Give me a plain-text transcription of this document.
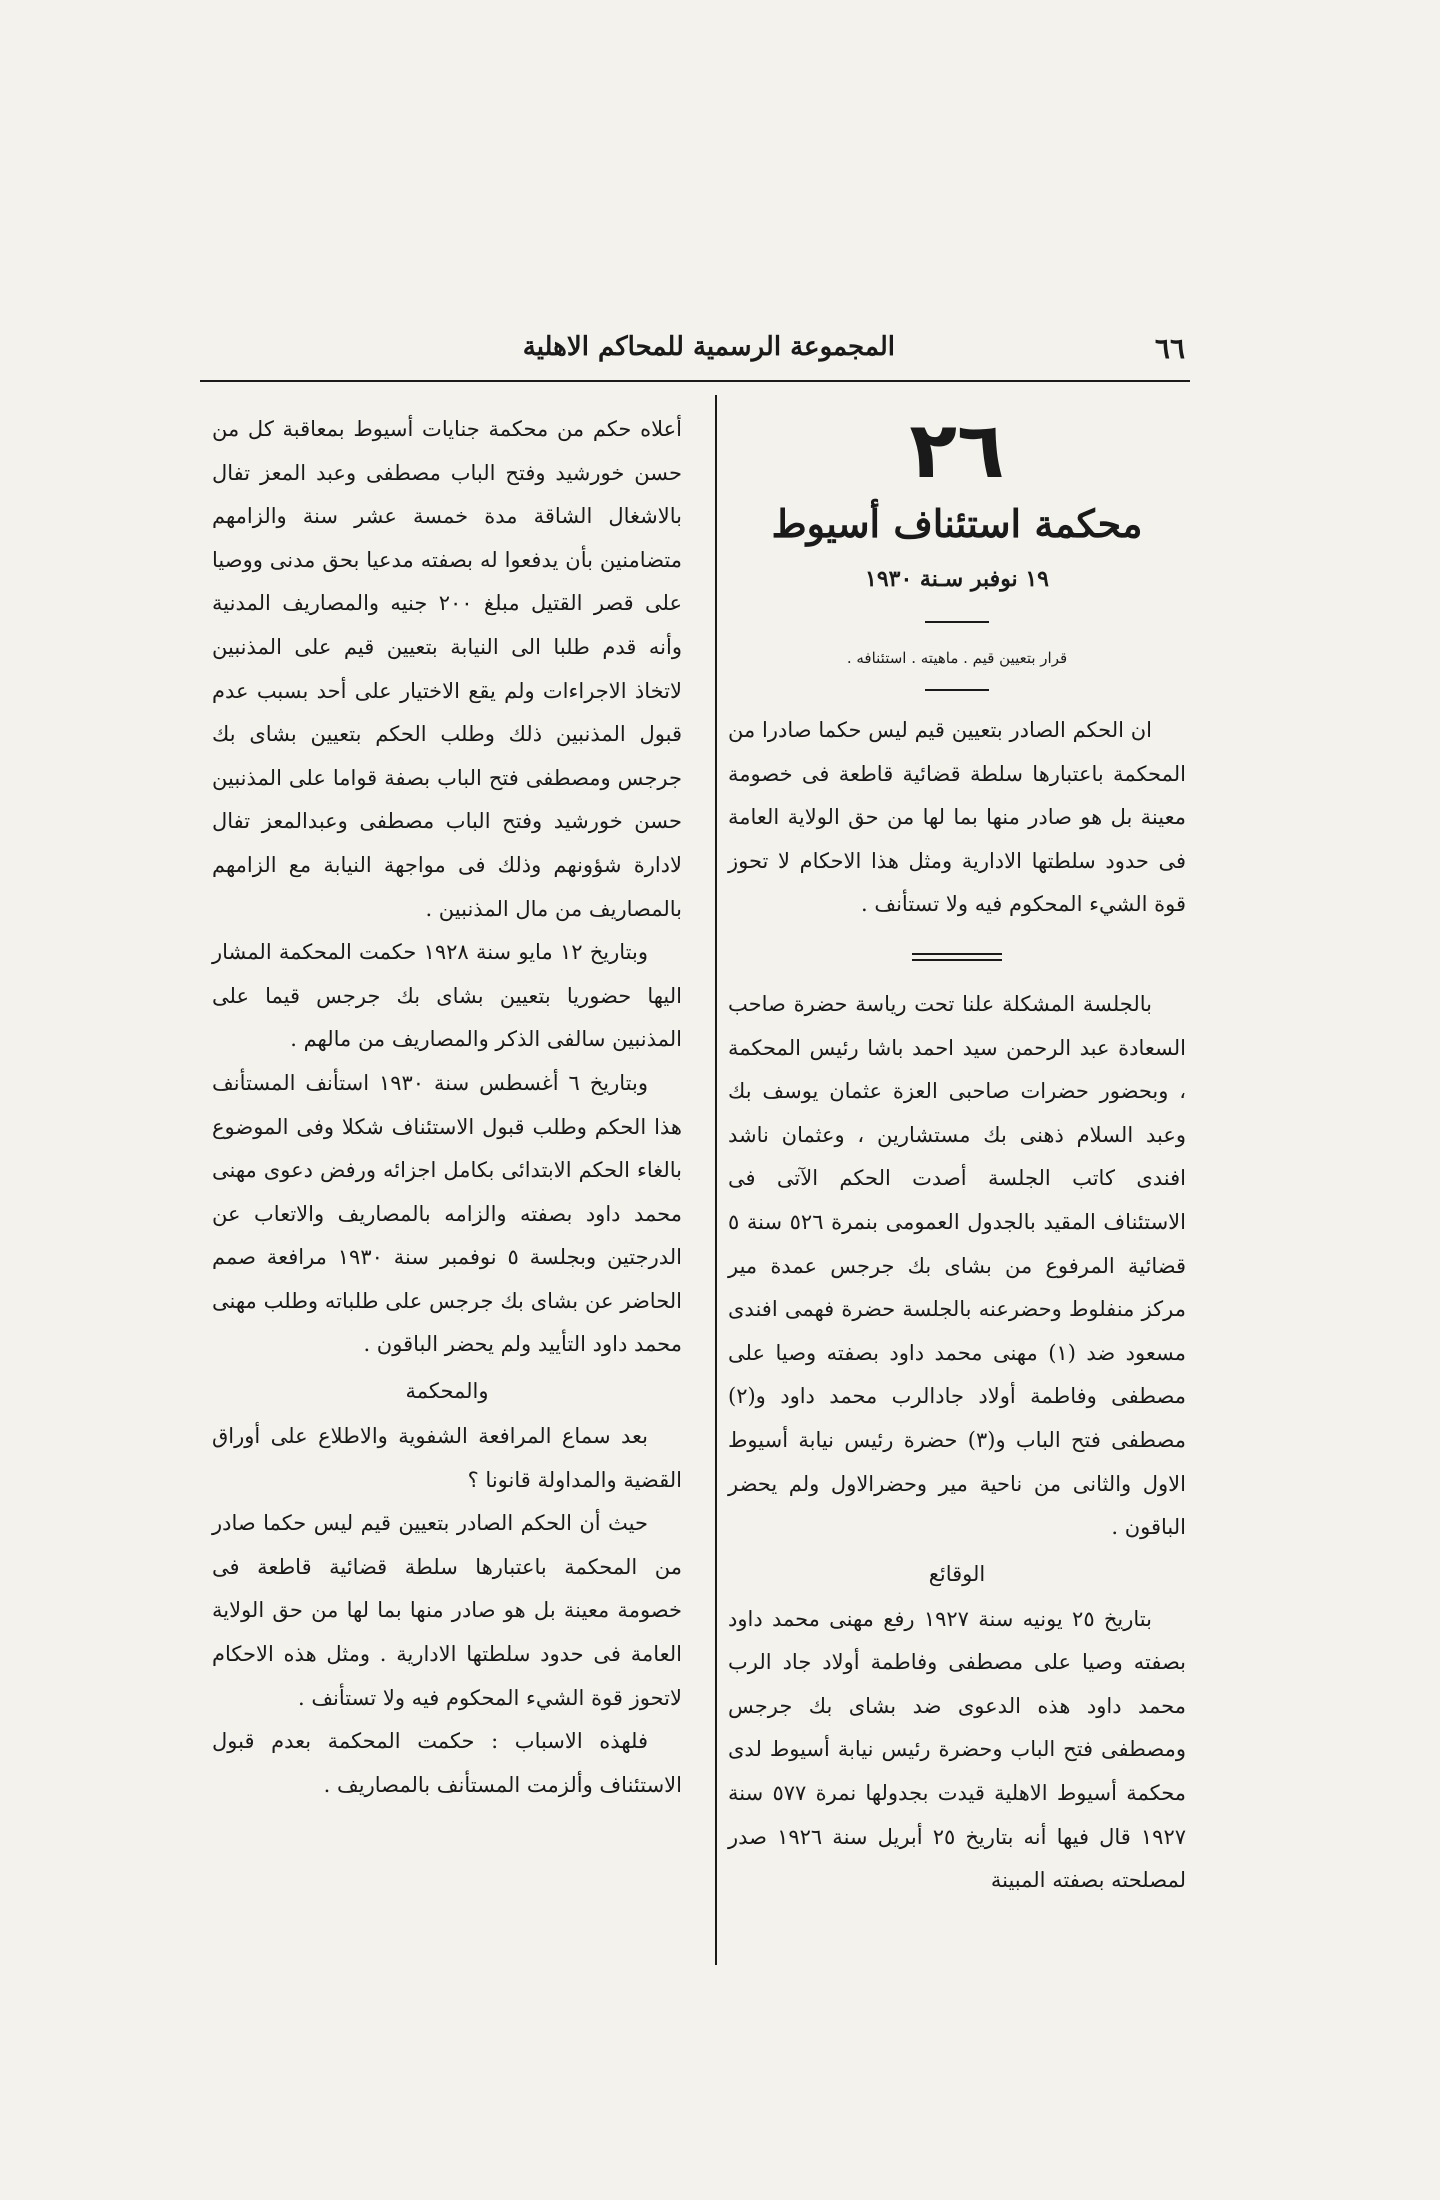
٦٦
المجموعة الرسمية للمحاكم الاهلية

٢٦

محكمة استئناف أسيوط

١٩ نوفبر سـنة ١٩٣٠

قرار بتعيين قيم . ماهيته . استئنافه .

ان الحكم الصادر بتعيين قيم ليس حكما صادرا من المحكمة باعتبارها سلطة قضائية قاطعة فى خصومة معينة بل هو صادر منها بما لها من حق الولاية العامة فى حدود سلطتها الادارية ومثل هذا الاحكام لا تحوز قوة الشيء المحكوم فيه ولا تستأنف .

بالجلسة المشكلة علنا تحت رياسة حضرة صاحب السعادة عبد الرحمن سيد احمد باشا رئيس المحكمة ، وبحضور حضرات صاحبى العزة عثمان يوسف بك وعبد السلام ذهنى بك مستشارين ، وعثمان ناشد افندى كاتب الجلسة أصدت الحكم الآتى فى الاستئناف المقيد بالجدول العمومى بنمرة ٥٢٦ سنة ٥ قضائية المرفوع من بشاى بك جرجس عمدة مير مركز منفلوط وحضرعنه بالجلسة حضرة فهمى افندى مسعود ضد (١) مهنى محمد داود بصفته وصيا على مصطفى وفاطمة أولاد جادالرب محمد داود و(٢) مصطفى فتح الباب و(٣) حضرة رئيس نيابة أسيوط الاول والثانى من ناحية مير وحضرالاول ولم يحضر الباقون .

الوقائع

بتاريخ ٢٥ يونيه سنة ١٩٢٧ رفع مهنى محمد داود بصفته وصيا على مصطفى وفاطمة أولاد جاد الرب محمد داود هذه الدعوى ضد بشاى بك جرجس ومصطفى فتح الباب وحضرة رئيس نيابة أسيوط لدى محكمة أسيوط الاهلية قيدت بجدولها نمرة ٥٧٧ سنة ١٩٢٧ قال فيها أنه بتاريخ ٢٥ أبريل سنة ١٩٢٦ صدر لمصلحته بصفته المبينة

أعلاه حكم من محكمة جنايات أسيوط بمعاقبة كل من حسن خورشيد وفتح الباب مصطفى وعبد المعز تفال بالاشغال الشاقة مدة خمسة عشر سنة والزامهم متضامنين بأن يدفعوا له بصفته مدعيا بحق مدنى ووصيا على قصر القتيل مبلغ ٢٠٠ جنيه والمصاريف المدنية وأنه قدم طلبا الى النيابة بتعيين قيم على المذنبين لاتخاذ الاجراءات ولم يقع الاختيار على أحد بسبب عدم قبول المذنبين ذلك وطلب الحكم بتعيين بشاى بك جرجس ومصطفى فتح الباب بصفة قواما على المذنبين حسن خورشيد وفتح الباب مصطفى وعبدالمعز تفال لادارة شؤونهم وذلك فى مواجهة النيابة مع الزامهم بالمصاريف من مال المذنبين .

وبتاريخ ١٢ مايو سنة ١٩٢٨ حكمت المحكمة المشار اليها حضوريا بتعيين بشاى بك جرجس قيما على المذنبين سالفى الذكر والمصاريف من مالهم .

وبتاريخ ٦ أغسطس سنة ١٩٣٠ استأنف المستأنف هذا الحكم وطلب قبول الاستئناف شكلا وفى الموضوع بالغاء الحكم الابتدائى بكامل اجزائه ورفض دعوى مهنى محمد داود بصفته والزامه بالمصاريف والاتعاب عن الدرجتين وبجلسة ٥ نوفمبر سنة ١٩٣٠ مرافعة صمم الحاضر عن بشاى بك جرجس على طلباته وطلب مهنى محمد داود التأييد ولم يحضر الباقون .

والمحكمة

بعد سماع المرافعة الشفوية والاطلاع على أوراق القضية والمداولة قانونا ؟

حيث أن الحكم الصادر بتعيين قيم ليس حكما صادر من المحكمة باعتبارها سلطة قضائية قاطعة فى خصومة معينة بل هو صادر منها بما لها من حق الولاية العامة فى حدود سلطتها الادارية . ومثل هذه الاحكام لاتحوز قوة الشيء المحكوم فيه ولا تستأنف .

فلهذه الاسباب : حكمت المحكمة بعدم قبول الاستئناف وألزمت المستأنف بالمصاريف .
